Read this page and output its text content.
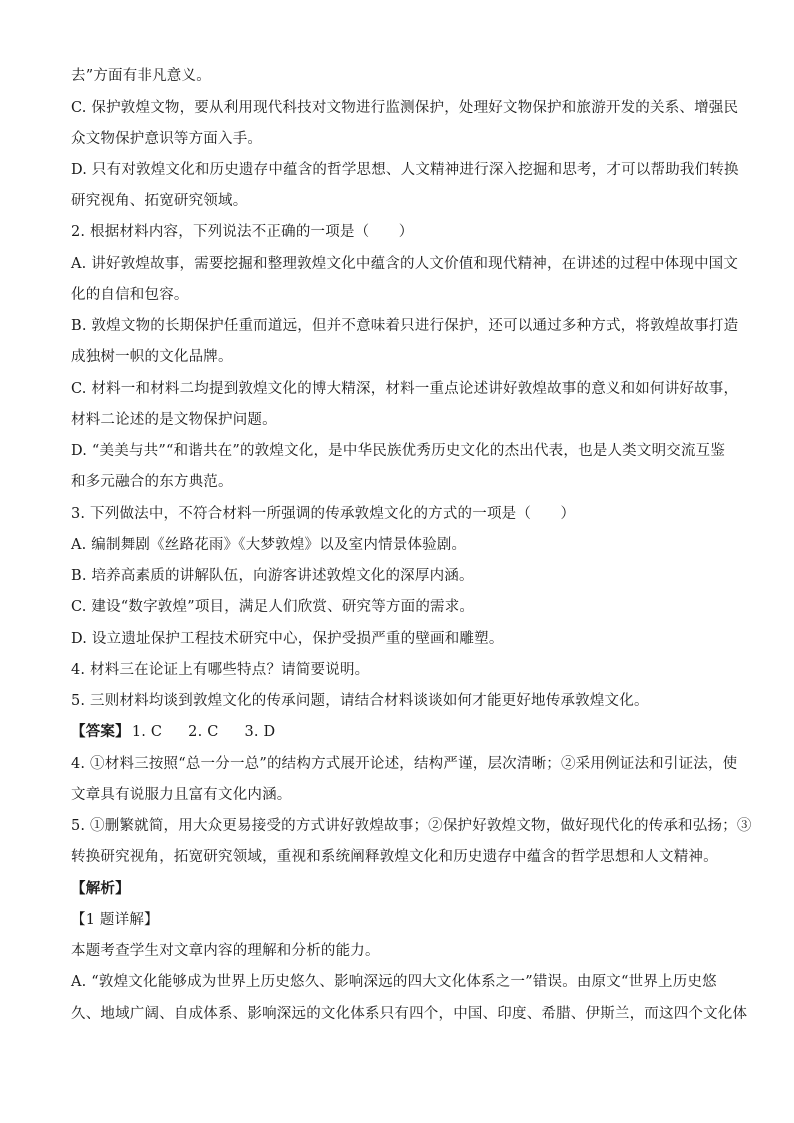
去”方面有非凡意义。
C. 保护敦煌文物，要从利用现代科技对文物进行监测保护，处理好文物保护和旅游开发的关系、增强民
众文物保护意识等方面入手。
D. 只有对敦煌文化和历史遗存中蕴含的哲学思想、人文精神进行深入挖掘和思考，才可以帮助我们转换
研究视角、拓宽研究领域。
2. 根据材料内容，下列说法不正确的一项是（　　）
A. 讲好敦煌故事，需要挖掘和整理敦煌文化中蕴含的人文价值和现代精神，在讲述的过程中体现中国文
化的自信和包容。
B. 敦煌文物的长期保护任重而道远，但并不意味着只进行保护，还可以通过多种方式，将敦煌故事打造
成独树一帜的文化品牌。
C. 材料一和材料二均提到敦煌文化的博大精深，材料一重点论述讲好敦煌故事的意义和如何讲好故事，
材料二论述的是文物保护问题。
D. “美美与共”“和谐共在”的敦煌文化，是中华民族优秀历史文化的杰出代表，也是人类文明交流互鉴
和多元融合的东方典范。
3. 下列做法中，不符合材料一所强调的传承敦煌文化的方式的一项是（　　）
A. 编制舞剧《丝路花雨》《大梦敦煌》以及室内情景体验剧。
B. 培养高素质的讲解队伍，向游客讲述敦煌文化的深厚内涵。
C. 建设“数字敦煌”项目，满足人们欣赏、研究等方面的需求。
D. 设立遗址保护工程技术研究中心，保护受损严重的壁画和雕塑。
4. 材料三在论证上有哪些特点？请简要说明。
5. 三则材料均谈到敦煌文化的传承问题，请结合材料谈谈如何才能更好地传承敦煌文化。
【答案】 1. C 2. C 3. D
4. ①材料三按照“总一分一总”的结构方式展开论述，结构严谨，层次清晰；②采用例证法和引证法，使
文章具有说服力且富有文化内涵。
5. ①删繁就简，用大众更易接受的方式讲好敦煌故事；②保护好敦煌文物，做好现代化的传承和弘扬；③
转换研究视角，拓宽研究领域，重视和系统阐释敦煌文化和历史遗存中蕴含的哲学思想和人文精神。
【解析】
【1 题详解】
本题考查学生对文章内容的理解和分析的能力。
A. “敦煌文化能够成为世界上历史悠久、影响深远的四大文化体系之一”错误。由原文“世界上历史悠
久、地域广阔、自成体系、影响深远的文化体系只有四个，中国、印度、希腊、伊斯兰，而这四个文化体
